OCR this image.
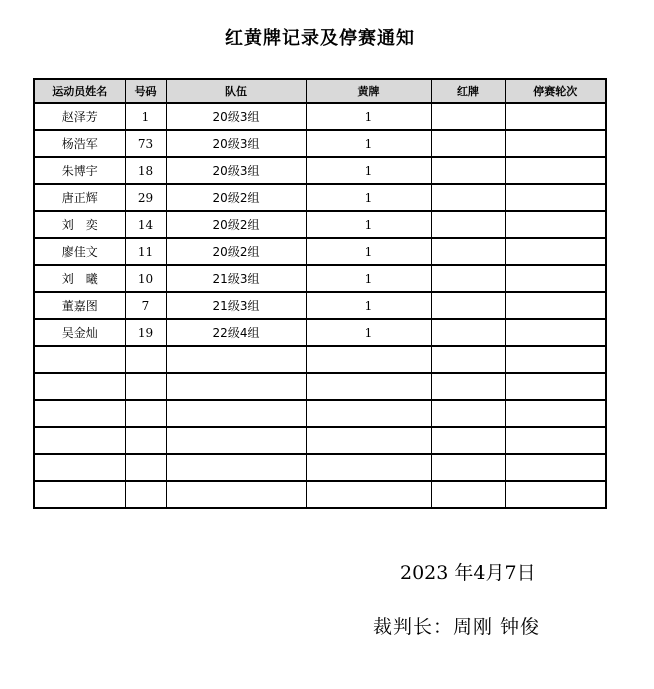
红黄牌记录及停赛通知
运动员姓名	号码	队伍	黄牌	红牌	停赛轮次
赵泽芳	1	20级3组	1		
杨浩军	73	20级3组	1		
朱博宇	18	20级3组	1		
唐正辉	29	20级2组	1		
刘　奕	14	20级2组	1		
廖佳文	11	20级2组	1		
刘　曦	10	21级3组	1		
董嘉图	7	21级3组	1		
吴金灿	19	22级4组	1		

2023 年4月7日
裁判长：周刚 钟俊
